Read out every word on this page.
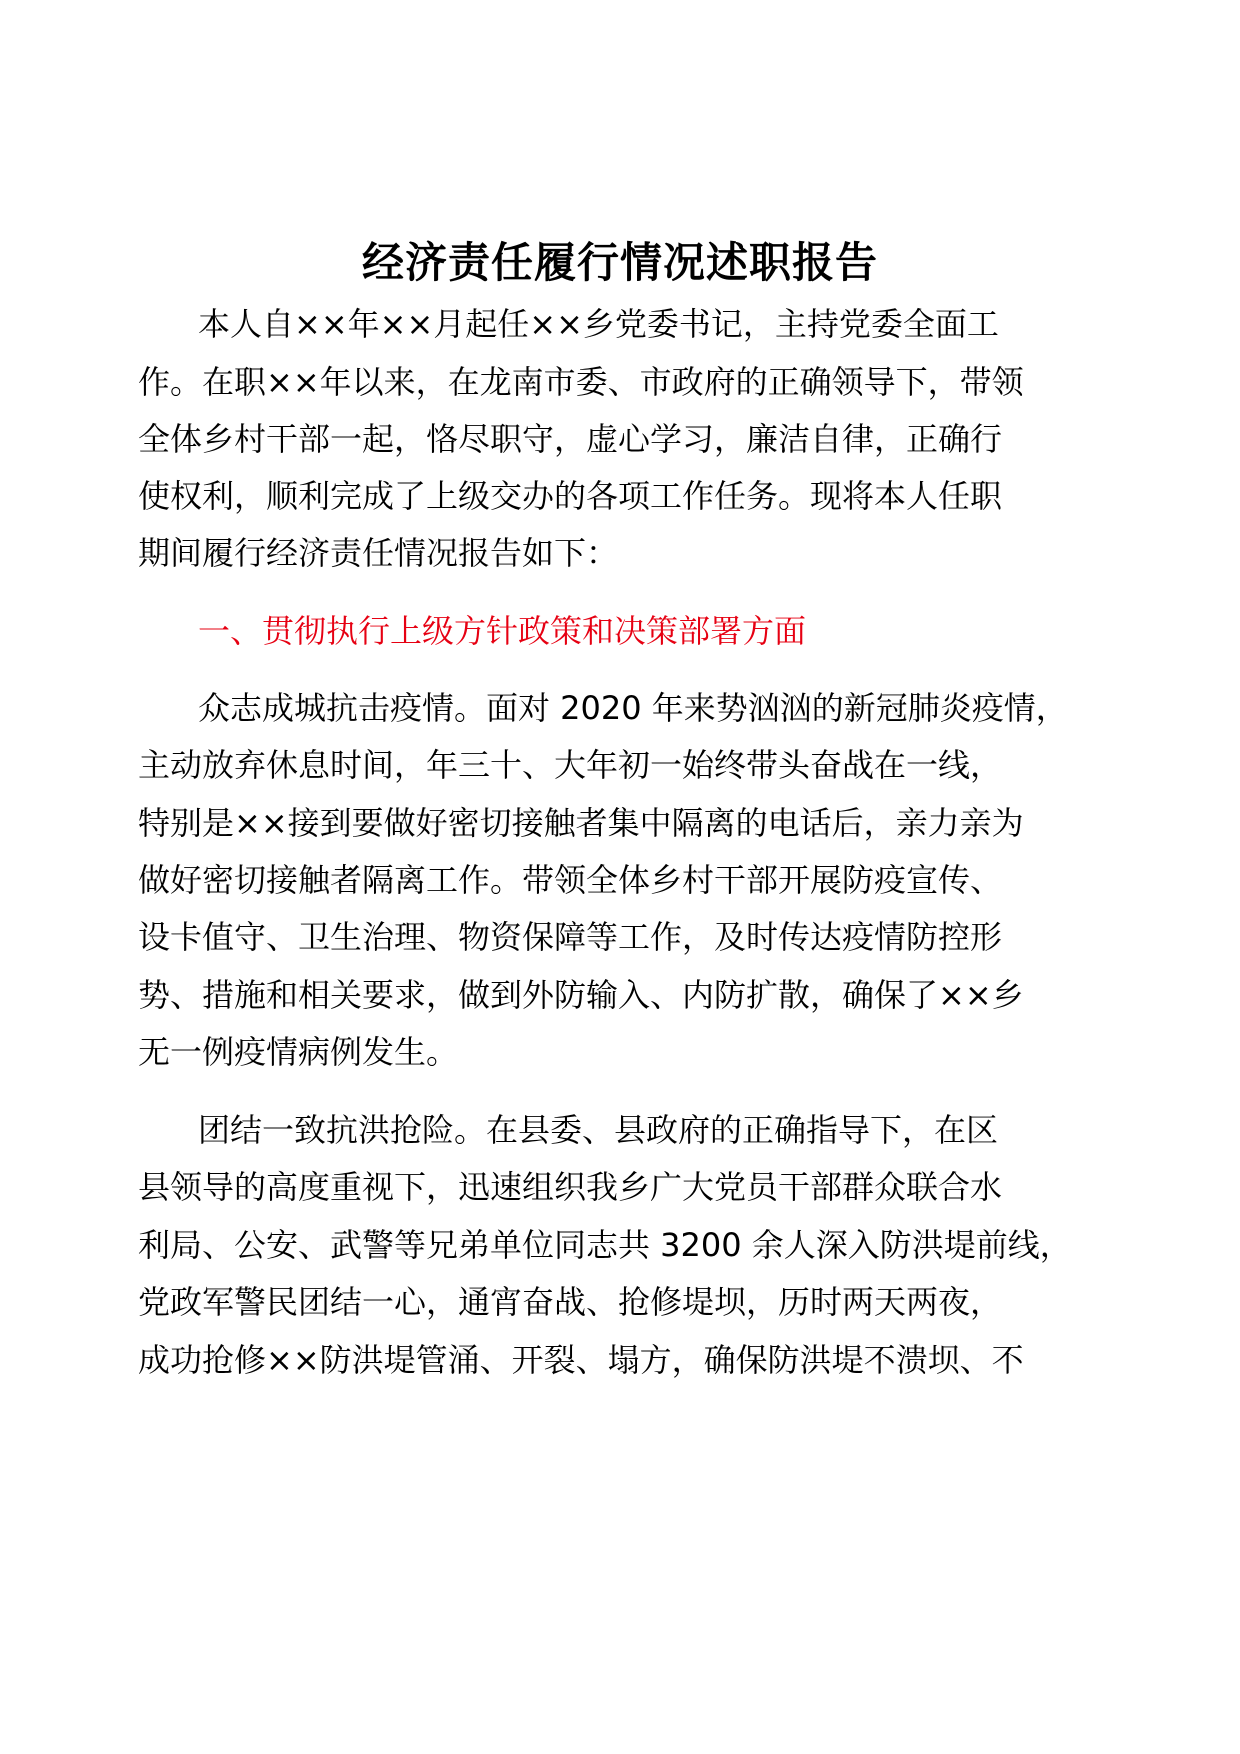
经济责任履行情况述职报告
本人自××年××月起任××乡党委书记，主持党委全面工
作。在职××年以来，在龙南市委、市政府的正确领导下，带领
全体乡村干部一起，恪尽职守，虚心学习，廉洁自律，正确行
使权利，顺利完成了上级交办的各项工作任务。现将本人任职
期间履行经济责任情况报告如下：
一、贯彻执行上级方针政策和决策部署方面
众志成城抗击疫情。面对 2020 年来势汹汹的新冠肺炎疫情，
主动放弃休息时间，年三十、大年初一始终带头奋战在一线，
特别是××接到要做好密切接触者集中隔离的电话后，亲力亲为
做好密切接触者隔离工作。带领全体乡村干部开展防疫宣传、
设卡值守、卫生治理、物资保障等工作，及时传达疫情防控形
势、措施和相关要求，做到外防输入、内防扩散，确保了××乡
无一例疫情病例发生。
团结一致抗洪抢险。在县委、县政府的正确指导下，在区
县领导的高度重视下，迅速组织我乡广大党员干部群众联合水
利局、公安、武警等兄弟单位同志共 3200 余人深入防洪堤前线，
党政军警民团结一心，通宵奋战、抢修堤坝，历时两天两夜，
成功抢修××防洪堤管涌、开裂、塌方，确保防洪堤不溃坝、不
